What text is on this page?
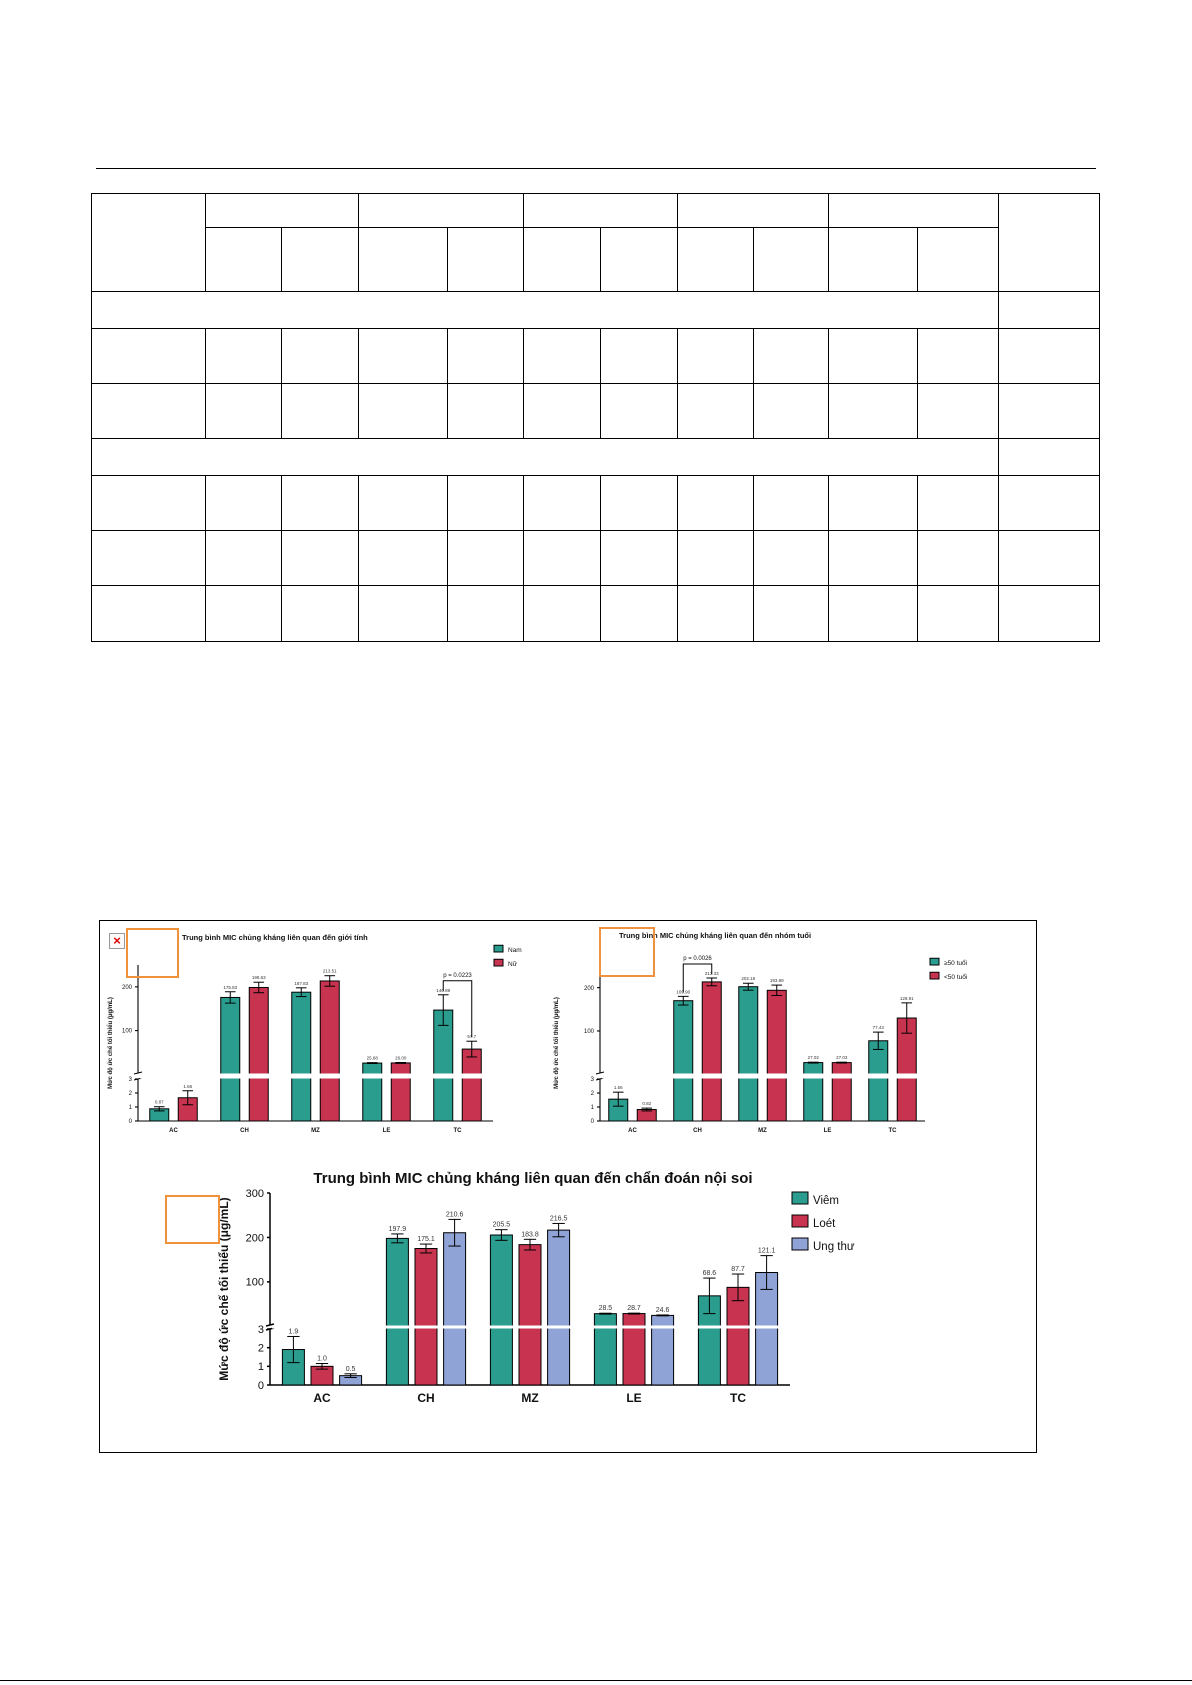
Trung bình MIC chủng kháng liên quan đến giới tính
Mức độ ức chế tối thiểu (μg/mL)
0
1
2
3
100
200
AC
0.87
1.66
CH
175.83
198.63
MZ
187.83
213.51
LE
25.68	26.00
TC
146.89
57.7
p = 0.0223
Nam
Nữ
Trung bình MIC chủng kháng liên quan đến nhóm tuổi
Mức độ ức chế tối thiểu (μg/mL)
0
1
2
3
100
200
AC
1.56
0.82
CH
169.90
213.33
MZ
202.18	193.89
LE
27.02	27.03
TC
77.43
129.91
p = 0.0026
≥50 tuổi
<50 tuổi
Trung bình MIC chủng kháng liên quan đến chẩn đoán nội soi
Mức độ ức chế tối thiểu (μg/mL)
0
1
2
3
100
200
300
AC
1.9
1.0
0.5
CH
197.9
175.1
210.6
MZ
205.5
183.8
216.5
LE
28.5 28.7 24.6
TC
68.6
87.7
121.1
Viêm
Loét
Ung thư
×
